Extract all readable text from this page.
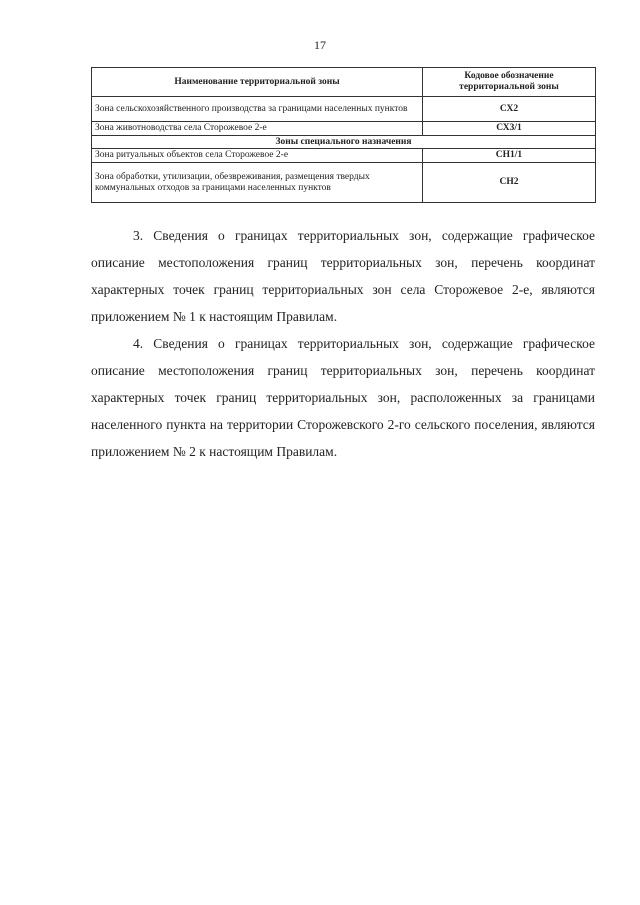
17
Наименование территориальной зоны	Кодовое обозначение территориальной зоны
Зона сельскохозяйственного производства за границами населенных пунктов	СХ2
Зона животноводства села Сторожевое 2-е	СХ3/1
Зоны специального назначения	
Зона ритуальных объектов села Сторожевое 2-е	СН1/1
Зона обработки, утилизации, обезвреживания, размещения твердых коммунальных отходов за границами населенных пунктов	СН2

3. Сведения о границах территориальных зон, содержащие графическое описание местоположения границ территориальных зон, перечень координат характерных точек границ территориальных зон села Сторожевое 2-е, являются приложением № 1 к настоящим Правилам.

4. Сведения о границах территориальных зон, содержащие графическое описание местоположения границ территориальных зон, перечень координат характерных точек границ территориальных зон, расположенных за границами населенного пункта на территории Сторожевского 2-го сельского поселения, являются приложением № 2 к настоящим Правилам.
